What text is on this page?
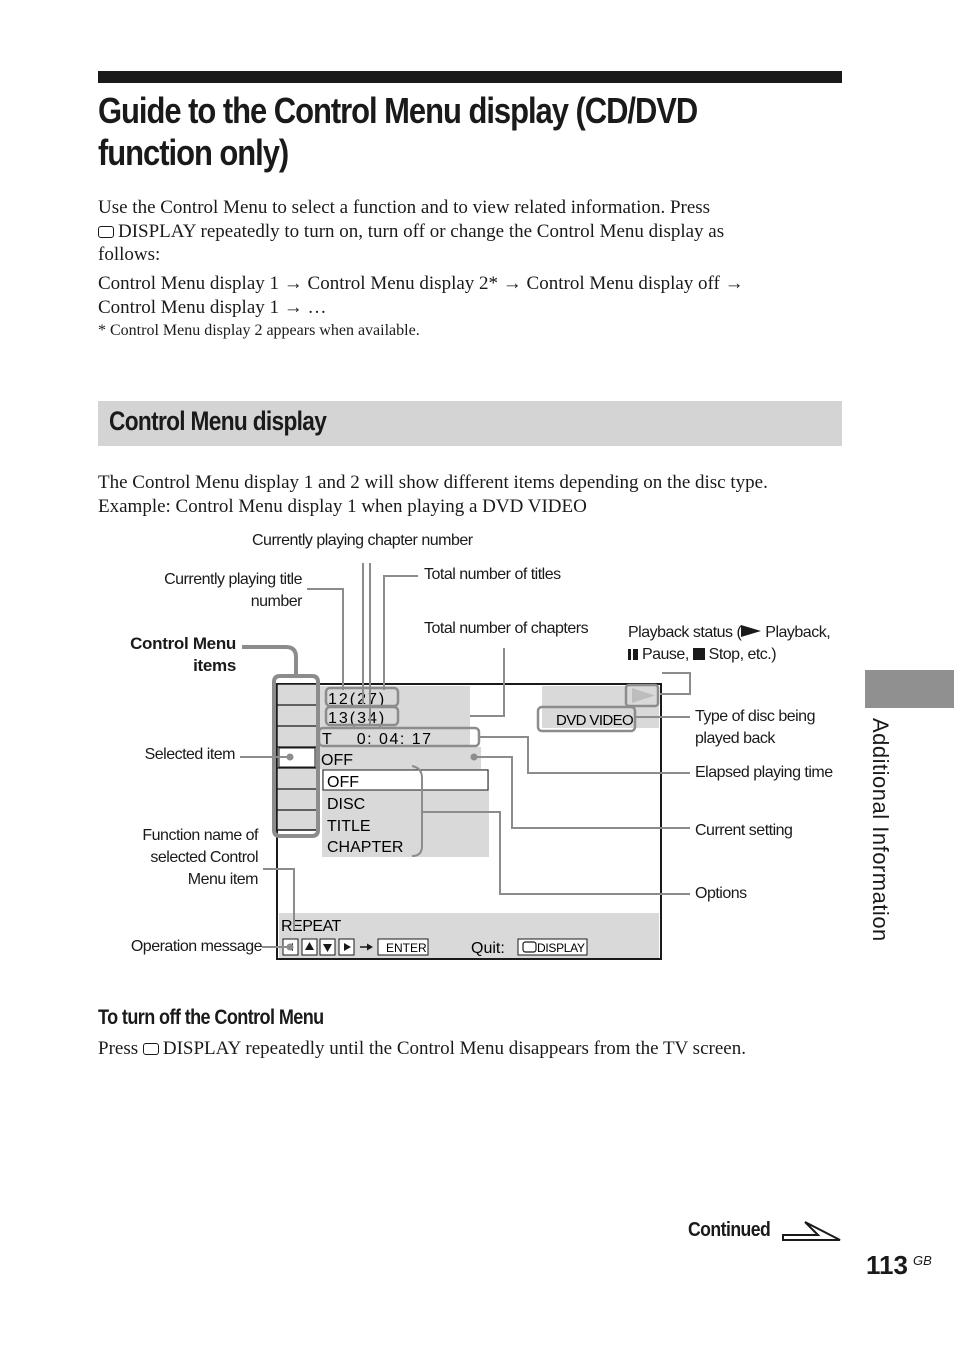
Guide to the Control Menu display (CD/DVD
function only)
Use the Control Menu to select a function and to view related information. Press
DISPLAY repeatedly to turn on, turn off or change the Control Menu display as
follows:
Control Menu display 1 → Control Menu display 2* → Control Menu display off →
Control Menu display 1 → …
* Control Menu display 2 appears when available.
Control Menu display
The Control Menu display 1 and 2 will show different items depending on the disc type.
Example: Control Menu display 1 when playing a DVD VIDEO
Additional Information
12(27)
13(34)
T    0: 04: 17
OFF
OFF
DISC
TITLE
CHAPTER
DVD VIDEO
REPEAT
ENTER	Quit:	DISPLAY
Currently playing chapter number
Currently playing title
number
Total number of titles
Total number of chapters Playback status ( Playback,
Pause,  Stop, etc.)
Control Menu
items
Type of disc being
played back
Selected item
Elapsed playing time
Function name of
selected Control
Menu item
Current setting
Options
Operation message
To turn off the Control Menu
Press DISPLAY repeatedly until the Control Menu disappears from the TV screen.
Continued
113 GB
